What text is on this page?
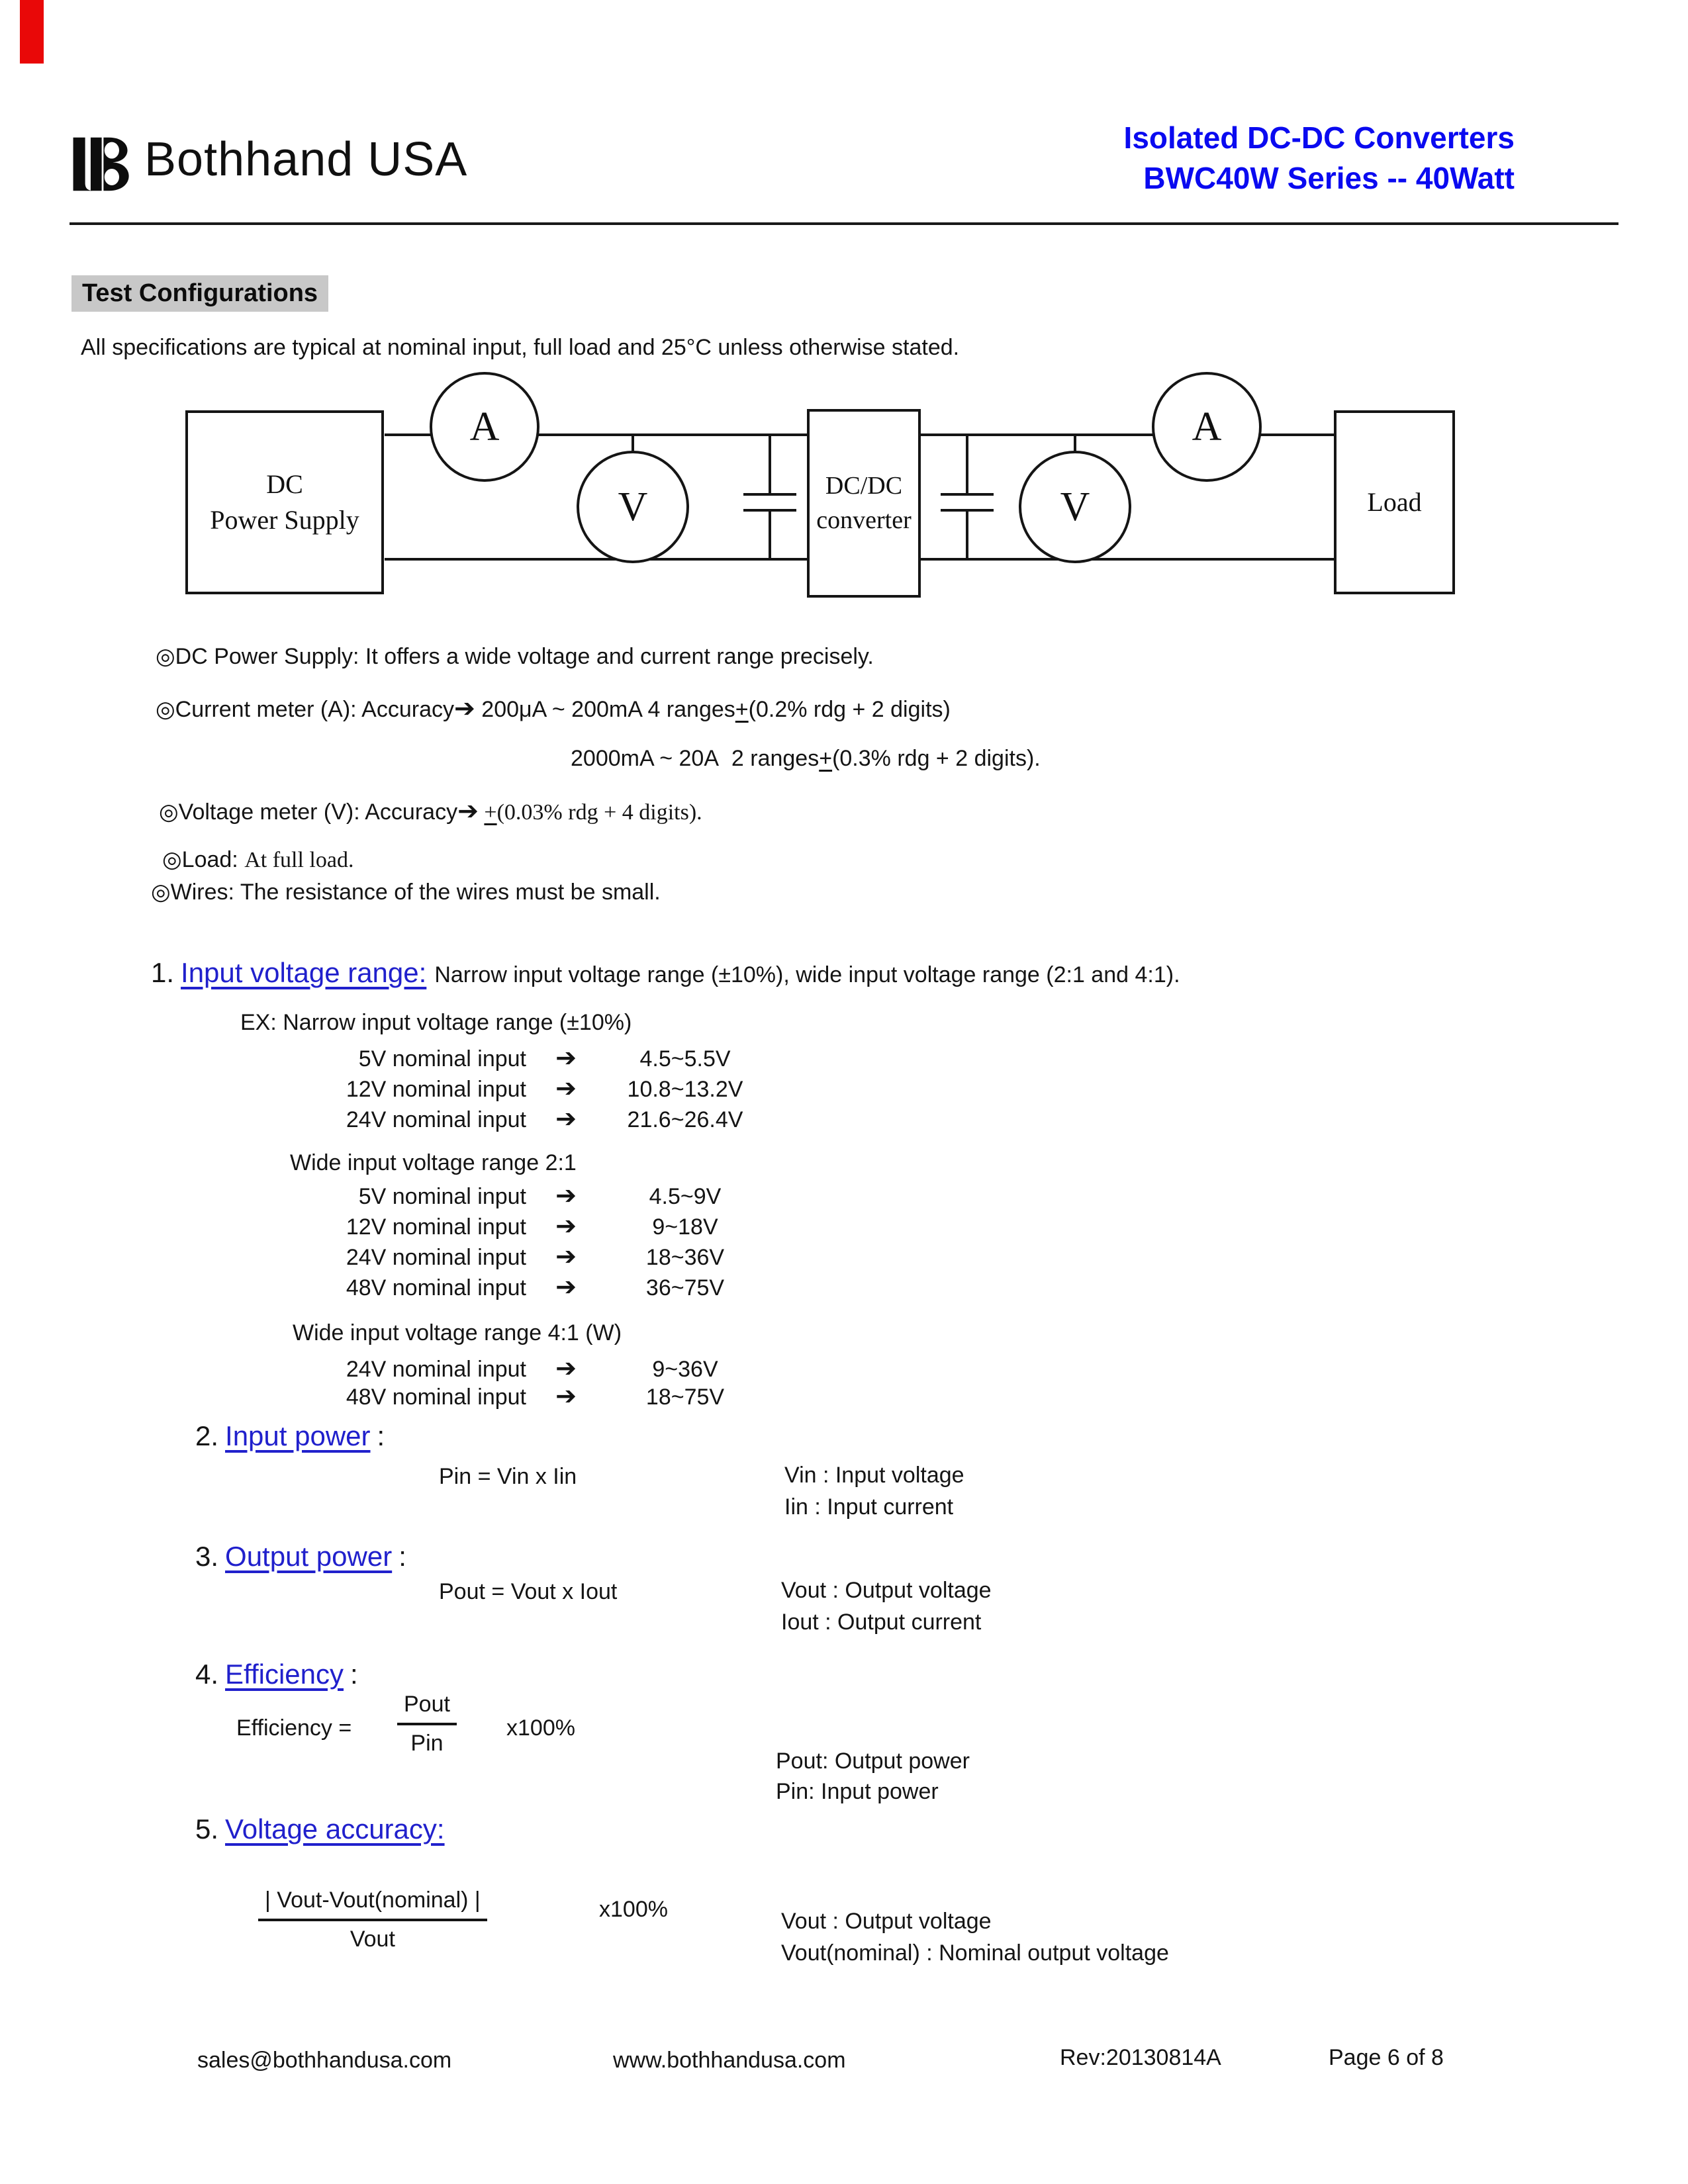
Bothhand USA	Isolated DC-DC Converters
BWC40W Series -- 40Watt
Test Configurations
All specifications are typical at nominal input, full load and 25°C unless otherwise stated.
DC
Power Supply
DC/DC
converter
Load
A
V	V
A
◎DC Power Supply: It offers a wide voltage and current range precisely.
◎Current meter (A): Accuracy➔ 200μA ~ 200mA 4 ranges+(0.2% rdg + 2 digits)
2000mA ~ 20A  2 ranges+(0.3% rdg + 2 digits).
◎Voltage meter (V): Accuracy➔ +(0.03% rdg + 4 digits).
◎Load: At full load.
◎Wires: The resistance of the wires must be small.
1. Input voltage range: Narrow input voltage range (±10%), wide input voltage range (2:1 and 4:1).
EX: Narrow input voltage range (±10%)
5V nominal input ➔	4.5~5.5V
12V nominal input ➔ 10.8~13.2V
24V nominal input ➔ 21.6~26.4V
Wide input voltage range 2:1
5V nominal input ➔	4.5~9V
12V nominal input ➔	9~18V
24V nominal input ➔	18~36V
48V nominal input ➔	36~75V
Wide input voltage range 4:1 (W)
24V nominal input ➔	9~36V
48V nominal input ➔	18~75V
2. Input power :
Pin = Vin x Iin	Vin : Input voltage
Iin : Input current
3. Output power :
Pout = Vout x Iout	Vout : Output voltage
Iout : Output current
4. Efficiency :
Efficiency =
Pout
Pin
x100%
Pout: Output power
Pin: Input power
5. Voltage accuracy:
| Vout-Vout(nominal) |
Vout
x100%	Vout : Output voltage
Vout(nominal) : Nominal output voltage
sales@bothhandusa.com	www.bothhandusa.com	Rev:20130814A	Page 6 of 8
